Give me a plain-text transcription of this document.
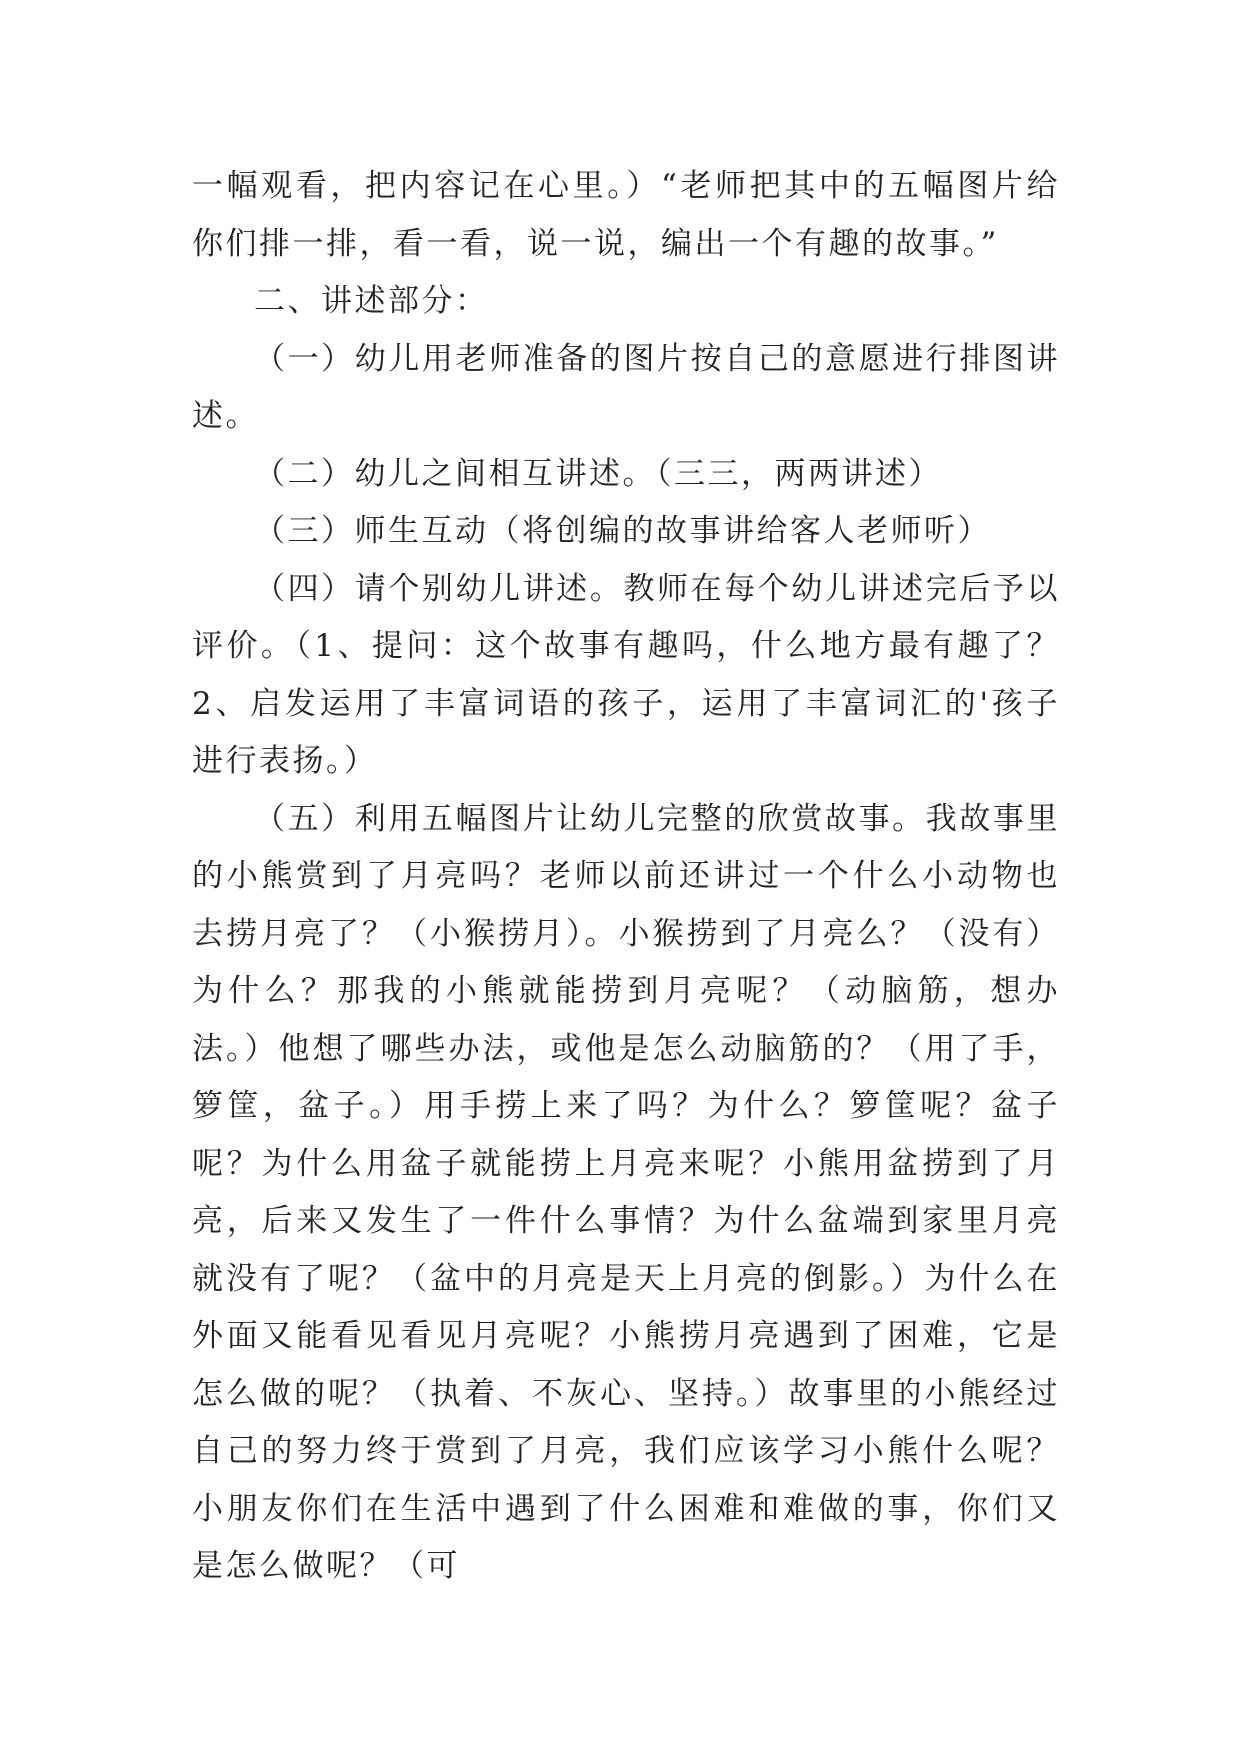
一幅观看，把内容记在心里。）“老师把其中的五幅图片给你们排一排，看一看，说一说，编出一个有趣的故事。”

二、讲述部分：

（一）幼儿用老师准备的图片按自己的意愿进行排图讲述。

（二）幼儿之间相互讲述。（三三，两两讲述）

（三）师生互动（将创编的故事讲给客人老师听）

（四）请个别幼儿讲述。教师在每个幼儿讲述完后予以评价。（1、提问：这个故事有趣吗，什么地方最有趣了？2、启发运用了丰富词语的孩子，运用了丰富词汇的'孩子进行表扬。）

（五）利用五幅图片让幼儿完整的欣赏故事。我故事里的小熊赏到了月亮吗？老师以前还讲过一个什么小动物也去捞月亮了？（小猴捞月）。小猴捞到了月亮么？（没有）为什么？那我的小熊就能捞到月亮呢？（动脑筋，想办法。）他想了哪些办法，或他是怎么动脑筋的？（用了手，箩筐，盆子。）用手捞上来了吗？为什么？箩筐呢？盆子呢？为什么用盆子就能捞上月亮来呢？小熊用盆捞到了月亮，后来又发生了一件什么事情？为什么盆端到家里月亮就没有了呢？（盆中的月亮是天上月亮的倒影。）为什么在外面又能看见看见月亮呢？小熊捞月亮遇到了困难，它是怎么做的呢？（执着、不灰心、坚持。）故事里的小熊经过自己的努力终于赏到了月亮，我们应该学习小熊什么呢？小朋友你们在生活中遇到了什么困难和难做的事，你们又是怎么做呢？（可
